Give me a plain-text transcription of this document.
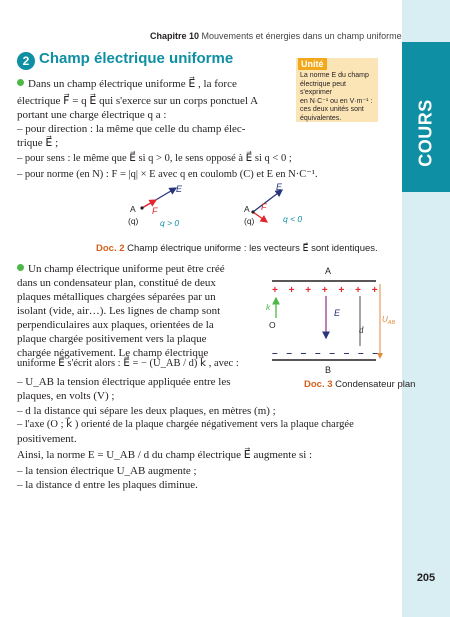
COURS
Chapitre 10 Mouvements et énergies dans un champ uniforme
2 Champ électrique uniforme	Unité
La norme E du champ
électrique peut s'exprimer
en N·C⁻¹ ou en V·m⁻¹ :
ces deux unités sont
équivalentes.
Dans un champ électrique uniforme E⃗ , la force
électrique F⃗ = q E⃗ qui s'exerce sur un corps ponctuel A
portant une charge électrique q a :
– pour direction : la même que celle du champ élec-
trique E⃗ ;
– pour sens : le même que E⃗ si q > 0, le sens opposé à E⃗ si q < 0 ;
– pour norme (en N) : F = |q| × E avec q en coulomb (C) et E en N·C⁻¹.
E
F
A
(q)	q > 0
E
F
A
(q)	q < 0
Doc. 2 Champ électrique uniforme : les vecteurs E⃗ sont identiques.
Un champ électrique uniforme peut être créé
dans un condensateur plan, constitué de deux
plaques métalliques chargées séparées par un
isolant (vide, air…). Les lignes de champ sont
perpendiculaires aux plaques, orientées de la
plaque chargée positivement vers la plaque
chargée négativement. Le champ électrique
uniforme E⃗ s'écrit alors : E⃗ = − (U_AB / d) k⃗ , avec :
– U_AB la tension électrique appliquée entre les
plaques, en volts (V) ;
– d la distance qui sépare les deux plaques, en mètres (m) ;
– l'axe (O ; k⃗ ) orienté de la plaque chargée négativement vers la plaque chargée
positivement.
Ainsi, la norme E = U_AB / d du champ électrique E⃗ augmente si :
– la tension électrique U_AB augmente ;
– la distance d entre les plaques diminue.
A
+ + + + + + +
– – – – – – – –
B
E
k
O
$U_{AB}$
Doc. 3 Condensateur plan
d
205
